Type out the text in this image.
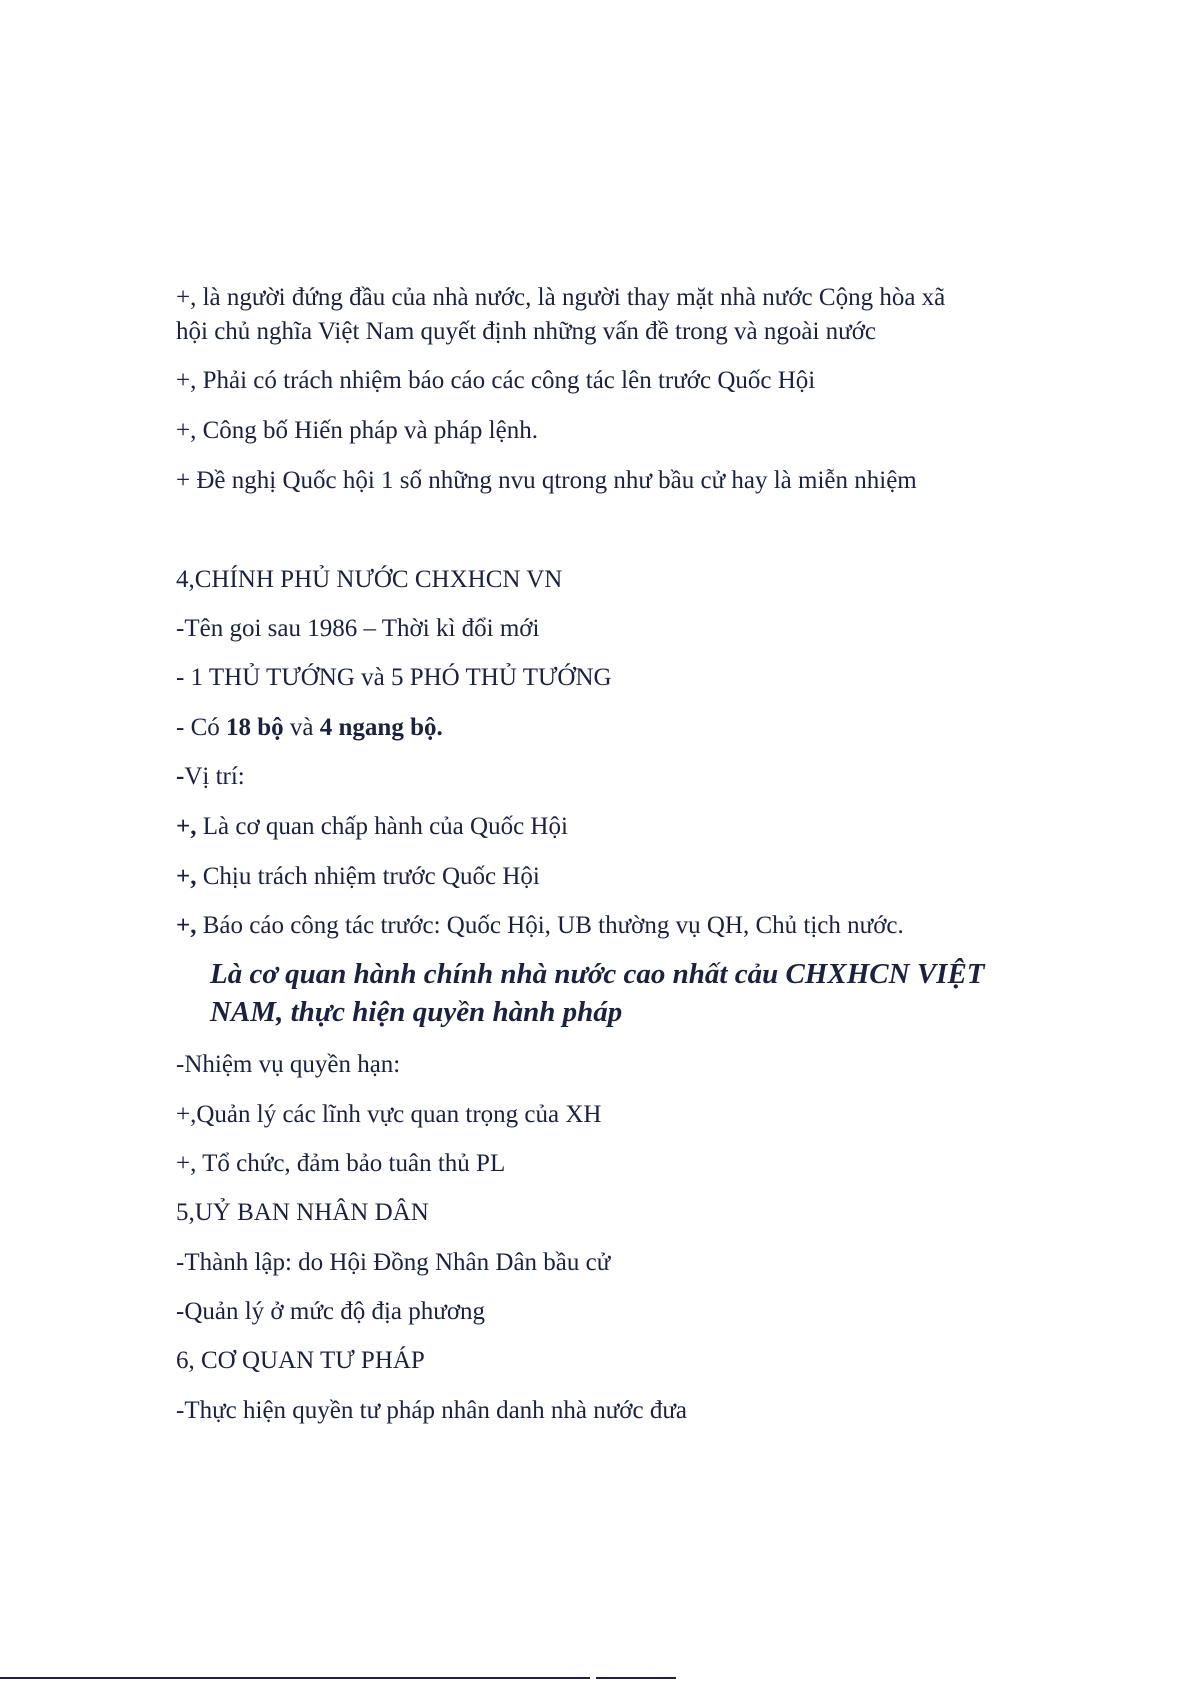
+, là người đứng đầu của nhà nước, là người thay mặt nhà nước Cộng hòa xã
hội chủ nghĩa Việt Nam quyết định những vấn đề trong và ngoài nước
+, Phải có trách nhiệm báo cáo các công tác lên trước Quốc Hội
+, Công bố Hiến pháp và pháp lệnh.
+ Đề nghị Quốc hội 1 số những nvu qtrong như bầu cử hay là miễn nhiệm
4,CHÍNH PHỦ NƯỚC CHXHCN VN
-Tên goi sau 1986 – Thời kì đổi mới
- 1 THỦ TƯỚNG và 5 PHÓ THỦ TƯỚNG
- Có 18 bộ và 4 ngang bộ.
-Vị trí:
+, Là cơ quan chấp hành của Quốc Hội
+, Chịu trách nhiệm trước Quốc Hội
+, Báo cáo công tác trước: Quốc Hội, UB thường vụ QH, Chủ tịch nước.
Là cơ quan hành chính nhà nước cao nhất cảu CHXHCN VIỆT
NAM, thực hiện quyền hành pháp
-Nhiệm vụ quyền hạn:
+,Quản lý các lĩnh vực quan trọng của XH
+, Tổ chức, đảm bảo tuân thủ PL
5,UỶ BAN NHÂN DÂN
-Thành lập: do Hội Đồng Nhân Dân bầu cử
-Quản lý ở mức độ địa phương
6, CƠ QUAN TƯ PHÁP
-Thực hiện quyền tư pháp nhân danh nhà nước đưa
